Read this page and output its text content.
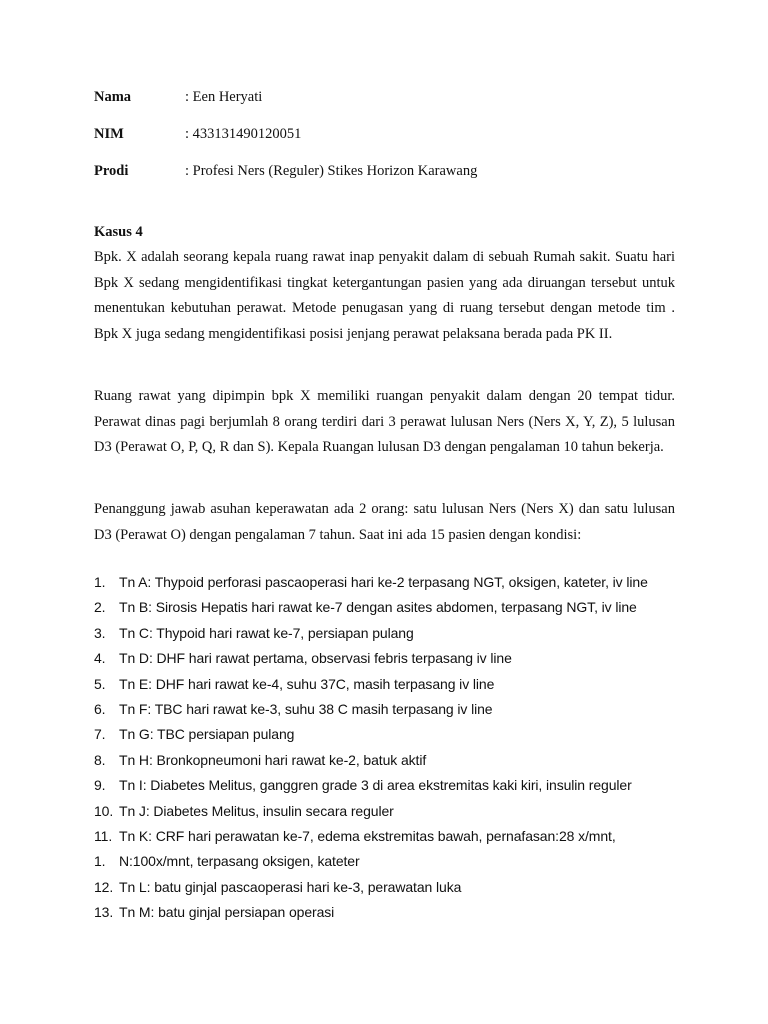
Nama	: Een Heryati
NIM	: 433131490120051
Prodi	: Profesi Ners (Reguler) Stikes Horizon Karawang
Kasus 4

Bpk. X adalah seorang kepala ruang rawat inap penyakit dalam di sebuah Rumah sakit. Suatu hari Bpk X sedang mengidentifikasi tingkat ketergantungan pasien yang ada diruangan tersebut untuk menentukan kebutuhan perawat. Metode penugasan yang di ruang tersebut dengan metode tim . Bpk X juga sedang mengidentifikasi posisi jenjang perawat pelaksana berada pada PK II.

Ruang rawat yang dipimpin bpk X memiliki ruangan penyakit dalam dengan 20 tempat tidur. Perawat dinas pagi berjumlah 8 orang terdiri dari 3 perawat lulusan Ners (Ners X, Y, Z), 5 lulusan D3 (Perawat O, P, Q, R dan S). Kepala Ruangan lulusan D3 dengan pengalaman 10 tahun bekerja.

Penanggung jawab asuhan keperawatan ada 2 orang: satu lulusan Ners (Ners X) dan satu lulusan D3 (Perawat O) dengan pengalaman 7 tahun. Saat ini ada 15 pasien dengan kondisi:

1. Tn A: Thypoid perforasi pascaoperasi hari ke-2 terpasang NGT, oksigen, kateter, iv line
2. Tn B: Sirosis Hepatis hari rawat ke-7 dengan asites abdomen, terpasang NGT, iv line
3. Tn C: Thypoid hari rawat ke-7, persiapan pulang
4. Tn D: DHF hari rawat pertama, observasi febris terpasang iv line
5. Tn E: DHF hari rawat ke-4, suhu 37C, masih terpasang iv line
6. Tn F: TBC hari rawat ke-3, suhu 38 C masih terpasang iv line
7. Tn G: TBC persiapan pulang
8. Tn H: Bronkopneumoni hari rawat ke-2, batuk aktif
9. Tn I: Diabetes Melitus, ganggren grade 3 di area ekstremitas kaki kiri, insulin reguler
10. Tn J: Diabetes Melitus, insulin secara reguler
11. Tn K: CRF hari perawatan ke-7, edema ekstremitas bawah, pernafasan:28 x/mnt,
1. N:100x/mnt, terpasang oksigen, kateter
12. Tn L: batu ginjal pascaoperasi hari ke-3, perawatan luka
13. Tn M: batu ginjal persiapan operasi
